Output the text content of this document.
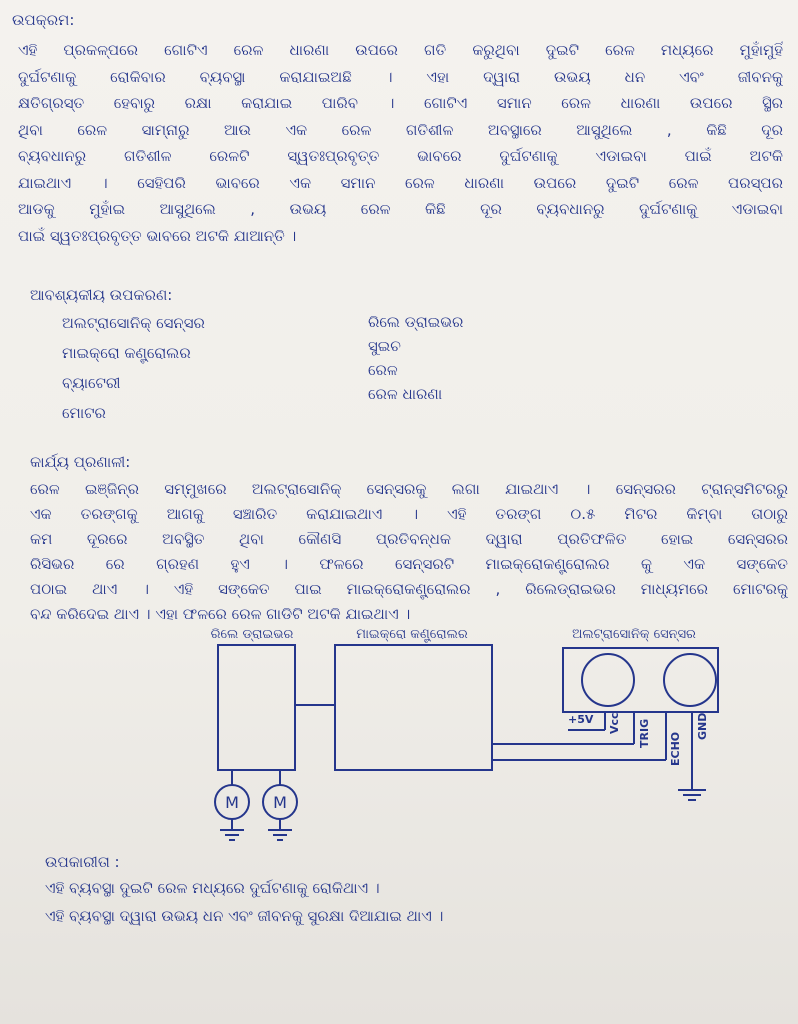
ଉପକ୍ରମ:
ଏହି ପ୍ରକଳ୍ପରେ ଗୋଟିଏ ରେଳ ଧାରଣା ଉପରେ ଗତି କରୁଥିବା ଦୁଇଟି ରେଳ ମଧ୍ୟରେ ମୁହାଁମୁହିଁ
ଦୁର୍ଘଟଣାକୁ ରୋକିବାର ବ୍ୟବସ୍ଥା କରାଯାଇଅଛି । ଏହା ଦ୍ୱାରା ଉଭୟ ଧନ ଏବଂ ଜୀବନକୁ
କ୍ଷତିଗ୍ରସ୍ତ ହେବାରୁ ରକ୍ଷା କରାଯାଇ ପାରିବ । ଗୋଟିଏ ସମାନ ରେଳ ଧାରଣା ଉପରେ ସ୍ଥିର
ଥିବା ରେଳ ସାମ୍ନାରୁ ଆଉ ଏକ ରେଳ ଗତିଶୀଳ ଅବସ୍ଥାରେ ଆସୁଥିଲେ , କିଛି ଦୂର
ବ୍ୟବଧାନରୁ ଗତିଶୀଳ ରେଳଟି ସ୍ୱତଃପ୍ରବୃତ୍ତ ଭାବରେ ଦୁର୍ଘଟଣାକୁ ଏଡାଇବା ପାଇଁ ଅଟକି
ଯାଇଥାଏ । ସେହିପରି ଭାବରେ ଏକ ସମାନ ରେଳ ଧାରଣା ଉପରେ ଦୁଇଟି ରେଳ ପରସ୍ପର
ଆଡକୁ ମୁହାଁଇ ଆସୁଥିଲେ , ଉଭୟ ରେଳ କିଛି ଦୂର ବ୍ୟବଧାନରୁ ଦୁର୍ଘଟଣାକୁ ଏଡାଇବା
ପାଇଁ ସ୍ୱତଃପ୍ରବୃତ୍ତ ଭାବରେ ଅଟକି ଯାଆନ୍ତି ।
ଆବଶ୍ୟକୀୟ ଉପକରଣ:
ଅଲଟ୍ରାସୋନିକ୍ ସେନ୍ସର
ମାଇକ୍ରୋ କଣ୍ଟ୍ରୋଲର
ବ୍ୟାଟେରୀ
ମୋଟର
ରିଲେ ଡ୍ରାଇଭର
ସୁଇଚ
ରେଳ
ରେଳ ଧାରଣା
କାର୍ଯ୍ୟ ପ୍ରଣାଳୀ:
ରେଳ ଇଞ୍ଜିନ୍‌ର ସମ୍ମୁଖରେ ଅଲଟ୍ରାସୋନିକ୍ ସେନ୍ସରକୁ ଲଗା ଯାଇଥାଏ । ସେନ୍ସରର ଟ୍ରାନ୍ସମିଟରରୁ
ଏକ ତରଙ୍ଗକୁ ଆଗକୁ ସଞ୍ଚାରିତ କରାଯାଇଥାଏ । ଏହି ତରଙ୍ଗ ୦.୫ ମିଟର କିମ୍ବା ତାଠାରୁ
କମ ଦୂରରେ ଅବସ୍ଥିତ ଥିବା କୌଣସି ପ୍ରତିବନ୍ଧକ ଦ୍ୱାରା ପ୍ରତିଫଳିତ ହୋଇ ସେନ୍ସରର
ରିସିଭର ରେ ଗ୍ରହଣ ହୁଏ । ଫଳରେ ସେନ୍ସରଟି ମାଇକ୍ରୋକଣ୍ଟ୍ରୋଲର କୁ ଏକ ସଙ୍କେତ
ପଠାଇ ଥାଏ । ଏହି ସଙ୍କେତ ପାଇ ମାଇକ୍ରୋକଣ୍ଟ୍ରୋଲର , ରିଲେଡ୍ରାଇଭର ମାଧ୍ୟମରେ ମୋଟରକୁ
ବନ୍ଦ କରିଦେଇ ଥାଏ । ଏହା ଫଳରେ ରେଳ ଗାଡିଟି ଅଟକି ଯାଇଥାଏ ।
ରିଲେ ଡ୍ରାଇଭର	ମାଇକ୍ରୋ କଣ୍ଟ୍ରୋଲର	ଅଲଟ୍ରାସୋନିକ୍ ସେନ୍ସର
+5V Vcc TRIG ECHO
GND
M M
ଉପକାରୀତା :
ଏହି ବ୍ୟବସ୍ଥା ଦୁଇଟି ରେଳ ମଧ୍ୟରେ ଦୁର୍ଘଟଣାକୁ ରୋକିଥାଏ ।
ଏହି ବ୍ୟବସ୍ଥା ଦ୍ୱାରା ଉଭୟ ଧନ ଏବଂ ଜୀବନକୁ ସୁରକ୍ଷା ଦିଆଯାଇ ଥାଏ ।
